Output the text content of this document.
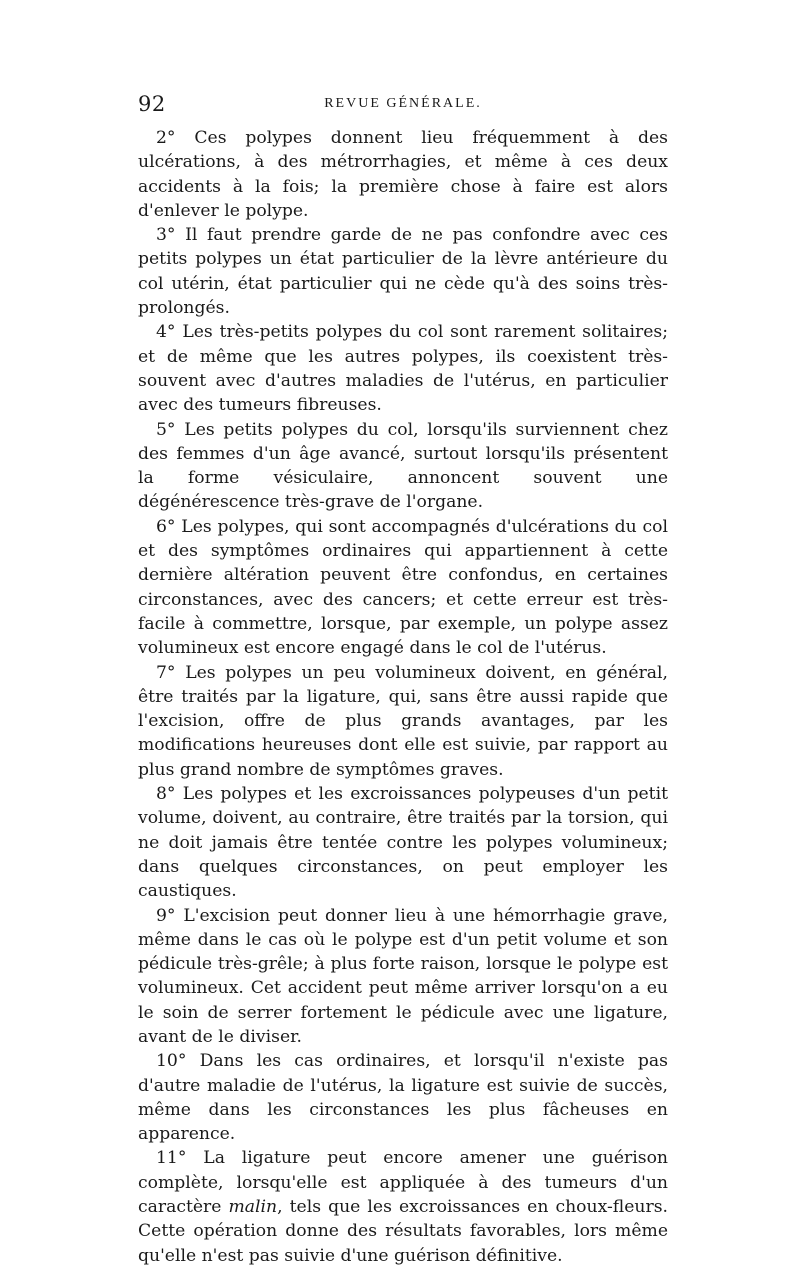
92	REVUE GÉNÉRALE.

2° Ces polypes donnent lieu fréquemment à des ulcérations, à des métrorrhagies, et même à ces deux accidents à la fois; la première chose à faire est alors d'enlever le polype.

3° Il faut prendre garde de ne pas confondre avec ces petits polypes un état particulier de la lèvre antérieure du col utérin, état particulier qui ne cède qu'à des soins très-prolongés.

4° Les très-petits polypes du col sont rarement solitaires; et de même que les autres polypes, ils coexistent très-souvent avec d'autres maladies de l'utérus, en particulier avec des tumeurs fibreuses.

5° Les petits polypes du col, lorsqu'ils surviennent chez des femmes d'un âge avancé, surtout lorsqu'ils présentent la forme vésiculaire, annoncent souvent une dégénérescence très-grave de l'organe.

6° Les polypes, qui sont accompagnés d'ulcérations du col et des symptômes ordinaires qui appartiennent à cette dernière altération peuvent être confondus, en certaines circonstances, avec des cancers; et cette erreur est très-facile à commettre, lorsque, par exemple, un polype assez volumineux est encore engagé dans le col de l'utérus.

7° Les polypes un peu volumineux doivent, en général, être traités par la ligature, qui, sans être aussi rapide que l'excision, offre de plus grands avantages, par les modifications heureuses dont elle est suivie, par rapport au plus grand nombre de symptômes graves.

8° Les polypes et les excroissances polypeuses d'un petit volume, doivent, au contraire, être traités par la torsion, qui ne doit jamais être tentée contre les polypes volumineux; dans quelques circonstances, on peut employer les caustiques.

9° L'excision peut donner lieu à une hémorrhagie grave, même dans le cas où le polype est d'un petit volume et son pédicule très-grêle; à plus forte raison, lorsque le polype est volumineux. Cet accident peut même arriver lorsqu'on a eu le soin de serrer fortement le pédicule avec une ligature, avant de le diviser.

10° Dans les cas ordinaires, et lorsqu'il n'existe pas d'autre maladie de l'utérus, la ligature est suivie de succès, même dans les circonstances les plus fâcheuses en apparence.

11° La ligature peut encore amener une guérison complète, lorsqu'elle est appliquée à des tumeurs d'un caractère malin, tels que les excroissances en choux-fleurs. Cette opération donne des résultats favorables, lors même qu'elle n'est pas suivie d'une guérison définitive.
